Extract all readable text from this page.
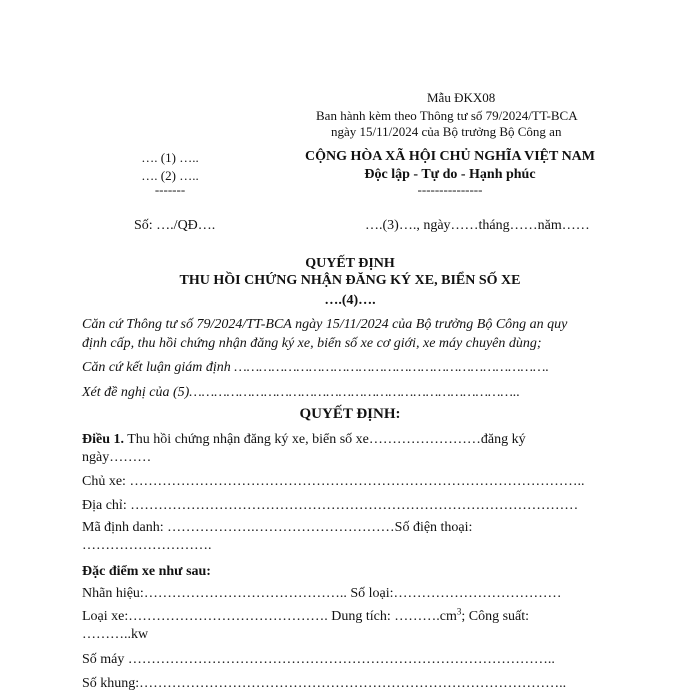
Mẫu ĐKX08
Ban hành kèm theo Thông tư số 79/2024/TT-BCA
ngày 15/11/2024 của Bộ trưởng Bộ Công an
…. (1) …..
…. (2) …..
-------
CỘNG HÒA XÃ HỘI CHỦ NGHĨA VIỆT NAM
Độc lập - Tự do - Hạnh phúc
---------------
Số: …./QĐ….	….(3)…., ngày……tháng……năm……
QUYẾT ĐỊNH
THU HỒI CHỨNG NHẬN ĐĂNG KÝ XE, BIỂN SỐ XE
….(4)….
Căn cứ Thông tư số 79/2024/TT-BCA ngày 15/11/2024 của Bộ trưởng Bộ Công an quy
định cấp, thu hồi chứng nhận đăng ký xe, biển số xe cơ giới, xe máy chuyên dùng;
Căn cứ kết luận giám định ………………………………………………………………….
Xét đề nghị của (5)……………………………………………………………………..
QUYẾT ĐỊNH:
Điều 1. Thu hồi chứng nhận đăng ký xe, biển số xe……………………đăng ký
ngày………
Chủ xe: ……………………………………………………………………………………..
Địa chỉ: ……………………………………………………………………………………
Mã định danh: ……………….…………………………Số điện thoại:
……………………….
Đặc điểm xe như sau:
Nhãn hiệu:…………………………………….. Số loại:………………………………
Loại xe:……………………………………. Dung tích: $\dots\dots\dots.cm^3$; Công suất:
………..kw
Số máy ………………………………………………………………………………..
Số khung:………………………………………………………………………………..
